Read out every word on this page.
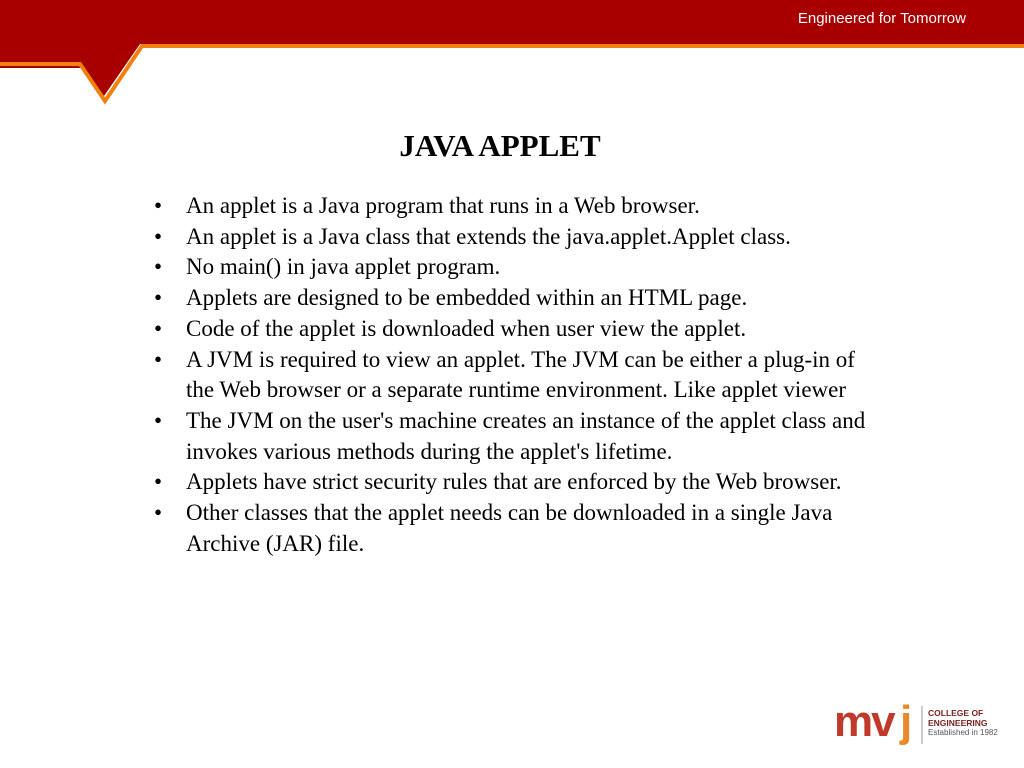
Engineered for Tomorrow
JAVA APPLET
• An applet is a Java program that runs in a Web browser.
• An applet is a Java class that extends the java.applet.Applet class.
• No main() in java applet program.
• Applets are designed to be embedded within an HTML page.
• Code of the applet is downloaded when user view the applet.
• A JVM is required to view an applet. The JVM can be either a plug-in of the Web browser or a separate runtime environment. Like applet viewer
• The JVM on the user's machine creates an instance of the applet class and invokes various methods during the applet's lifetime.
• Applets have strict security rules that are enforced by the Web browser.
• Other classes that the applet needs can be downloaded in a single Java Archive (JAR) file.
mv j COLLEGE OF
ENGINEERING
Established in 1982
